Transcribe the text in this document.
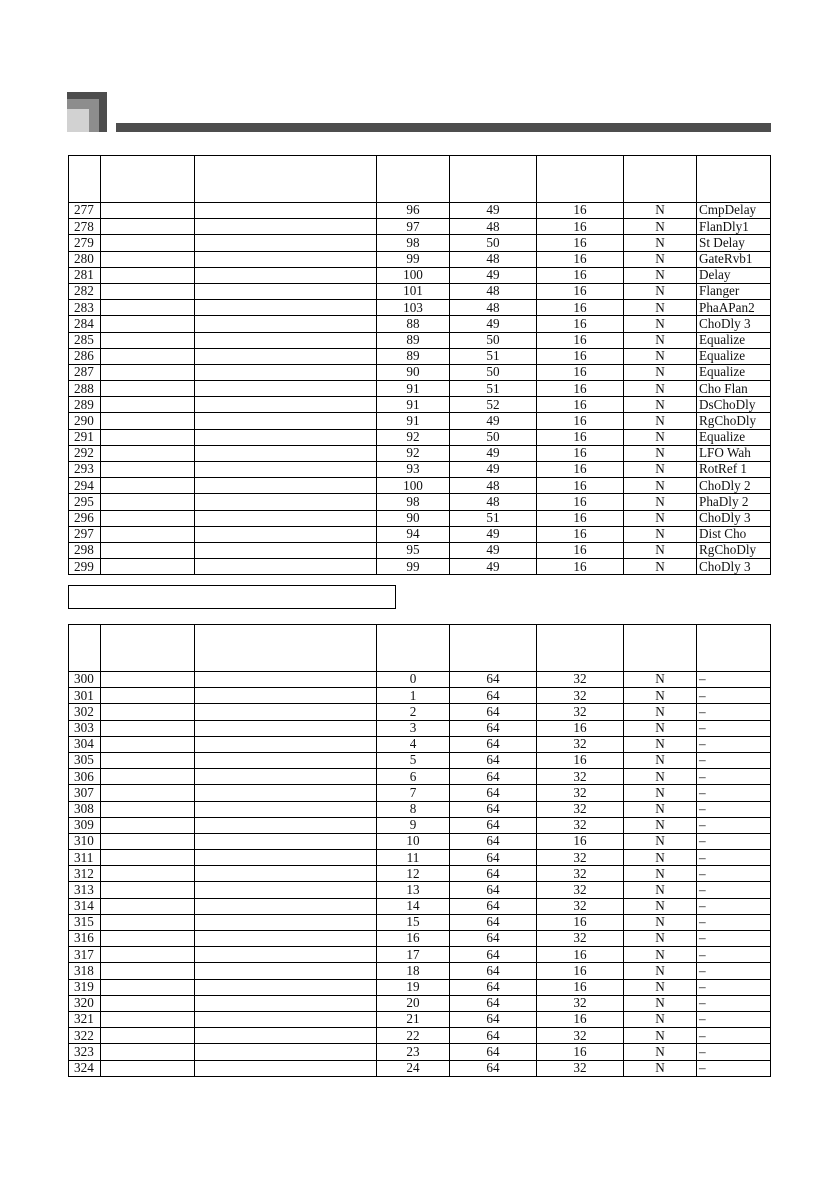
277			96	49	16	N	CmpDelay
278			97	48	16	N	FlanDly1
279			98	50	16	N	St Delay
280			99	48	16	N	GateRvb1
281			100	49	16	N	Delay
282			101	48	16	N	Flanger
283			103	48	16	N	PhaAPan2
284			88	49	16	N	ChoDly 3
285			89	50	16	N	Equalize
286			89	51	16	N	Equalize
287			90	50	16	N	Equalize
288			91	51	16	N	Cho Flan
289			91	52	16	N	DsChoDly
290			91	49	16	N	RgChoDly
291			92	50	16	N	Equalize
292			92	49	16	N	LFO Wah
293			93	49	16	N	RotRef 1
294			100	48	16	N	ChoDly 2
295			98	48	16	N	PhaDly 2
296			90	51	16	N	ChoDly 3
297			94	49	16	N	Dist Cho
298			95	49	16	N	RgChoDly
299			99	49	16	N	ChoDly 3

300			0	64	32	N	–
301			1	64	32	N	–
302			2	64	32	N	–
303			3	64	16	N	–
304			4	64	32	N	–
305			5	64	16	N	–
306			6	64	32	N	–
307			7	64	32	N	–
308			8	64	32	N	–
309			9	64	32	N	–
310			10	64	16	N	–
311			11	64	32	N	–
312			12	64	32	N	–
313			13	64	32	N	–
314			14	64	32	N	–
315			15	64	16	N	–
316			16	64	32	N	–
317			17	64	16	N	–
318			18	64	16	N	–
319			19	64	16	N	–
320			20	64	32	N	–
321			21	64	16	N	–
322			22	64	32	N	–
323			23	64	16	N	–
324			24	64	32	N	–
